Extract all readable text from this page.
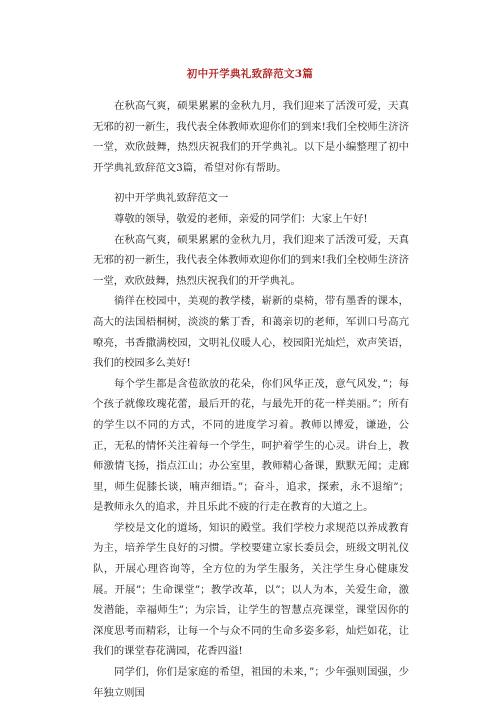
初中开学典礼致辞范文3篇

在秋高气爽，硕果累累的金秋九月，我们迎来了活泼可爱，天真无邪的初一新生，我代表全体教师欢迎你们的到来!我们全校师生济济一堂，欢欣鼓舞，热烈庆祝我们的开学典礼。以下是小编整理了初中开学典礼致辞范文3篇，希望对你有帮助。

初中开学典礼致辞范文一

尊敬的领导，敬爱的老师，亲爱的同学们：大家上午好!

在秋高气爽，硕果累累的金秋九月，我们迎来了活泼可爱，天真无邪的初一新生，我代表全体教师欢迎你们的到来!我们全校师生济济一堂，欢欣鼓舞，热烈庆祝我们的开学典礼。

徜徉在校园中，美观的教学楼，崭新的桌椅，带有墨香的课本，高大的法国梧桐树，淡淡的紫丁香，和蔼亲切的老师，军训口号高亢嘹亮，书香撒满校园，文明礼仪暖人心，校园阳光灿烂，欢声笑语，我们的校园多么美好!

每个学生都是含苞欲放的花朵，你们风华正茂，意气风发，”；每个孩子就像玫瑰花蕾，最后开的花，与最先开的花一样美丽。”；所有的学生以不同的方式，不同的进度学习着。教师以博爱，谦逊，公正，无私的情怀关注着每一个学生，呵护着学生的心灵。讲台上，教师激情飞扬，指点江山；办公室里，教师精心备课，默默无闻；走廊里，师生促膝长谈，喃声细语。”；奋斗，追求，探索，永不退缩”；是教师永久的追求，并且乐此不疲的行走在教育的大道之上。

学校是文化的道场，知识的殿堂。我们学校力求规范以养成教育为主，培养学生良好的习惯。学校要建立家长委员会，班级文明礼仪队，开展心理咨询等，全方位的为学生服务，关注学生身心健康发展。开展”；生命课堂”；教学改革，以”；以人为本，关爱生命，激发潜能，幸福师生”；为宗旨，让学生的智慧点亮课堂，课堂因你的深度思考而精彩，让每一个与众不同的生命多姿多彩，灿烂如花，让我们的课堂春花满园，花香四溢!

同学们，你们是家庭的希望，祖国的未来，”；少年强则国强，少年独立则国
